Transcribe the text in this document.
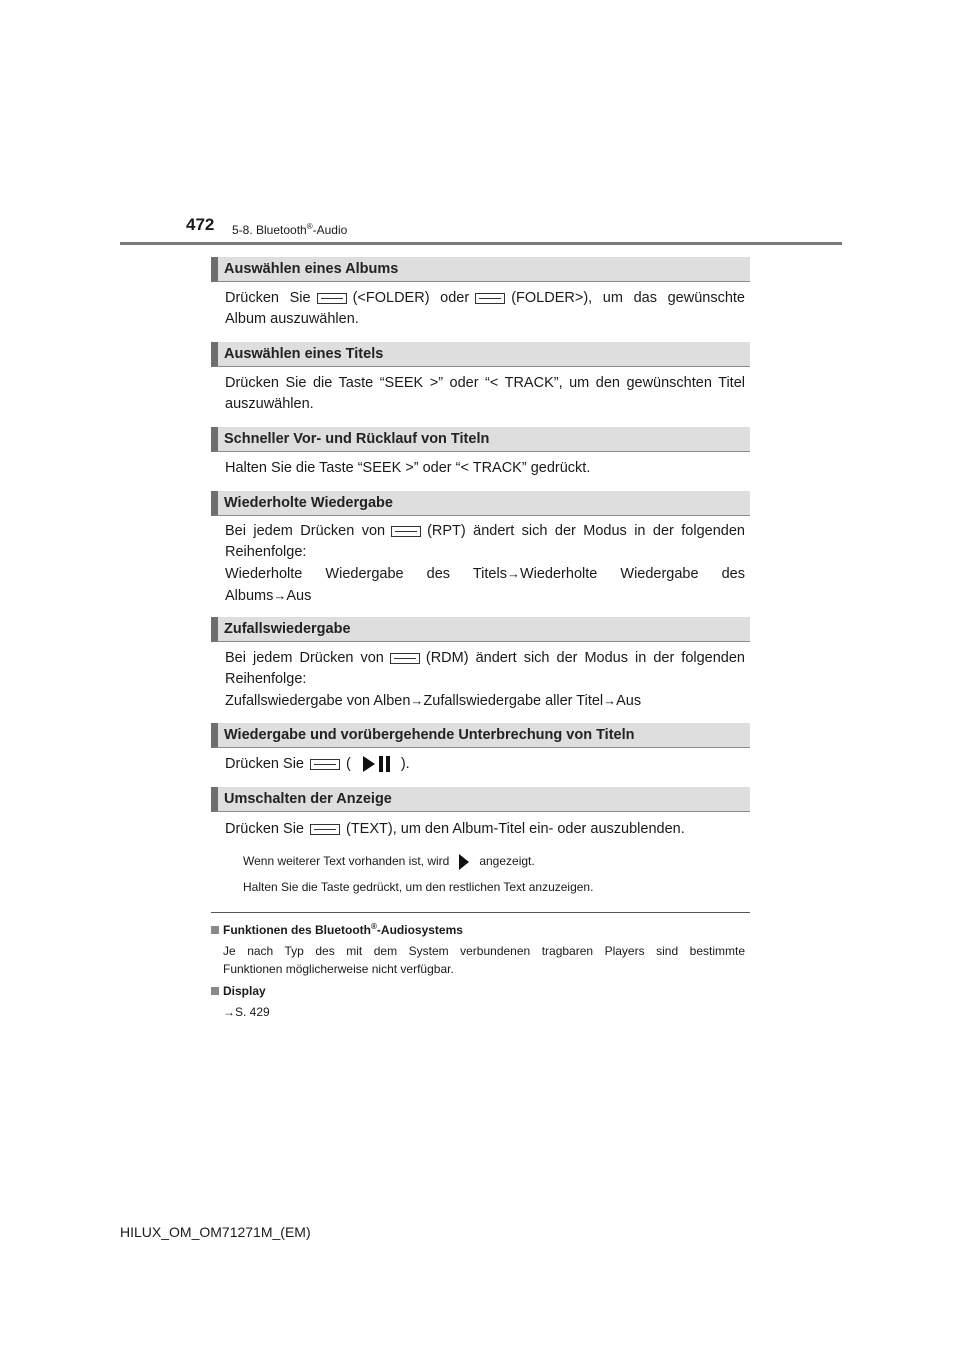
472 5-8. Bluetooth®-Audio
Auswählen eines Albums
Drücken Sie	(<FOLDER) oder	(FOLDER>), um das gewünschte
Album auszuwählen.
Auswählen eines Titels
Drücken Sie die Taste “SEEK >” oder “< TRACK”, um den gewünschten Titel
auszuwählen.
Schneller Vor- und Rücklauf von Titeln
Halten Sie die Taste “SEEK >” oder “< TRACK” gedrückt.
Wiederholte Wiedergabe
Bei jedem Drücken von	(RPT) ändert sich der Modus in der folgenden
Reihenfolge:
Wiederholte Wiedergabe des Titels→Wiederholte Wiedergabe des
Albums→Aus
Zufallswiedergabe
Bei jedem Drücken von	(RDM) ändert sich der Modus in der folgenden
Reihenfolge:
Zufallswiedergabe von Alben→Zufallswiedergabe aller Titel→Aus
Wiedergabe und vorübergehende Unterbrechung von Titeln
Drücken Sie	(	).
Umschalten der Anzeige
Drücken Sie	(TEXT), um den Album-Titel ein- oder auszublenden.
Wenn weiterer Text vorhanden ist, wird	angezeigt.
Halten Sie die Taste gedrückt, um den restlichen Text anzuzeigen.
Funktionen des Bluetooth®-Audiosystems
Je nach Typ des mit dem System verbundenen tragbaren Players sind bestimmte
Funktionen möglicherweise nicht verfügbar.
Display
→S. 429
HILUX_OM_OM71271M_(EM)
